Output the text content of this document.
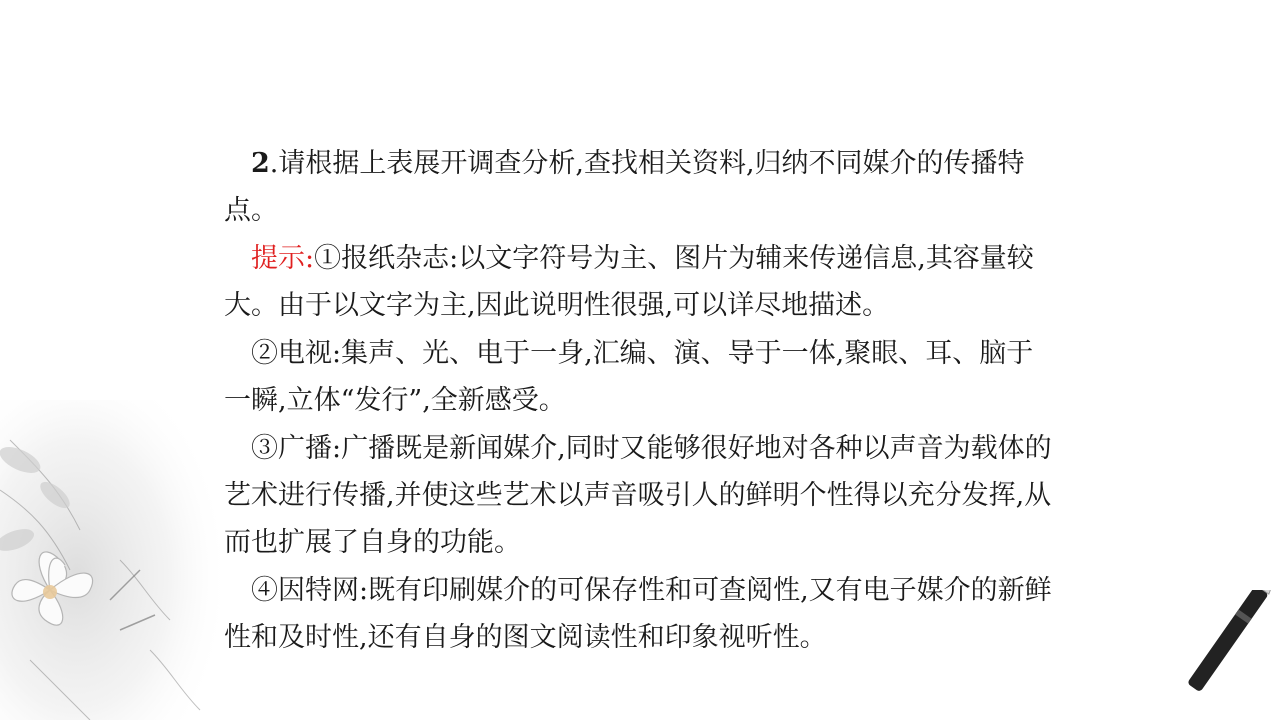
2.请根据上表展开调查分析,查找相关资料,归纳不同媒介的传播特点。

提示:①报纸杂志:以文字符号为主、图片为辅来传递信息,其容量较大。由于以文字为主,因此说明性很强,可以详尽地描述。

②电视:集声、光、电于一身,汇编、演、导于一体,聚眼、耳、脑于一瞬,立体“发行”,全新感受。

③广播:广播既是新闻媒介,同时又能够很好地对各种以声音为载体的艺术进行传播,并使这些艺术以声音吸引人的鲜明个性得以充分发挥,从而也扩展了自身的功能。

④因特网:既有印刷媒介的可保存性和可查阅性,又有电子媒介的新鲜性和及时性,还有自身的图文阅读性和印象视听性。
